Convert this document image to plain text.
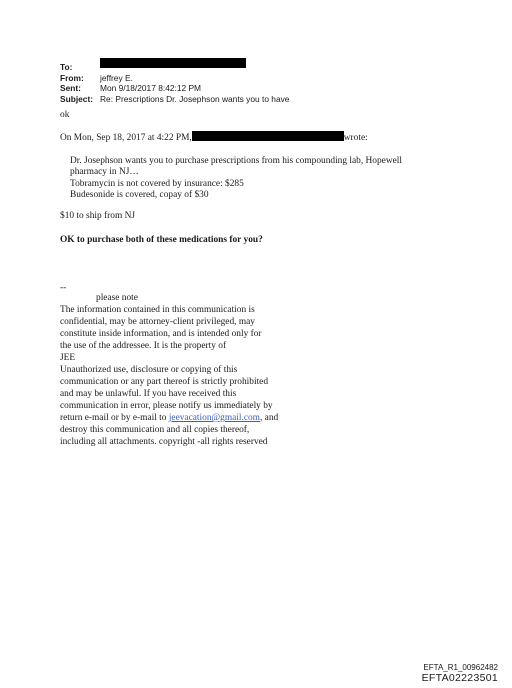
To:
From:	jeffrey E.
Sent:	Mon 9/18/2017 8:42:12 PM
Subject: Re: Prescriptions Dr. Josephson wants you to have
ok
On Mon, Sep 18, 2017 at 4:22 PM,	wrote:
Dr. Josephson wants you to purchase prescriptions from his compounding lab, Hopewell
pharmacy in NJ…
Tobramycin is not covered by insurance: $285
Budesonide is covered, copay of $30
$10 to ship from NJ
OK to purchase both of these medications for you?
--
please note
The information contained in this communication is
confidential, may be attorney-client privileged, may
constitute inside information, and is intended only for
the use of the addressee. It is the property of
JEE
Unauthorized use, disclosure or copying of this
communication or any part thereof is strictly prohibited
and may be unlawful. If you have received this
communication in error, please notify us immediately by
return e-mail or by e-mail to jeevacation@gmail.com, and
destroy this communication and all copies thereof,
including all attachments. copyright -all rights reserved
EFTA_R1_00962482
EFTA02223501
